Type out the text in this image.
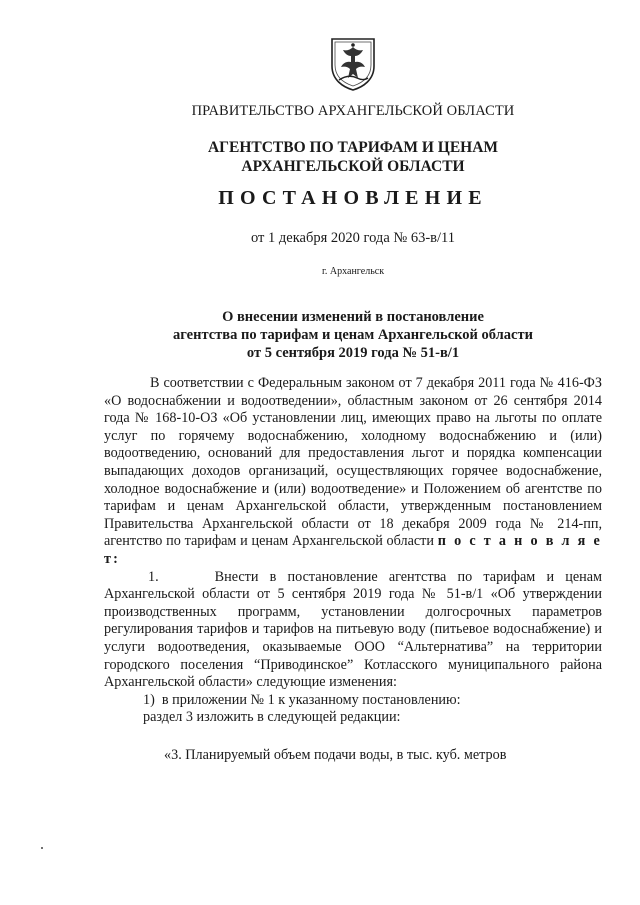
ПРАВИТЕЛЬСТВО АРХАНГЕЛЬСКОЙ ОБЛАСТИ
АГЕНТСТВО ПО ТАРИФАМ И ЦЕНАМ
АРХАНГЕЛЬСКОЙ ОБЛАСТИ
ПОСТАНОВЛЕНИЕ
от 1 декабря 2020 года № 63-в/11
г. Архангельск
О внесении изменений в постановление
агентства по тарифам и ценам Архангельской области
от 5 сентября 2019 года № 51-в/1

В соответствии с Федеральным законом от 7 декабря 2011 года № 416-ФЗ «О водоснабжении и водоотведении», областным законом от 26 сентября 2014 года № 168-10-ОЗ «Об установлении лиц, имеющих право на льготы по оплате услуг по горячему водоснабжению, холодному водоснабжению и (или) водоотведению, оснований для предоставления льгот и порядка компенсации выпадающих доходов организаций, осуществляющих горячее водоснабжение, холодное водоснабжение и (или) водоотведение» и Положением об агентстве по тарифам и ценам Архангельской области, утвержденным постановлением Правительства Архангельской области от 18 декабря 2009 года № 214-пп, агентство по тарифам и ценам Архангельской области п о с т а н о в л я е т:

1.     Внести в постановление агентства по тарифам и ценам Архангельской области от 5 сентября 2019 года № 51-в/1 «Об утверждении производственных программ, установлении долгосрочных параметров регулирования тарифов и тарифов на питьевую воду (питьевое водоснабжение) и услуги водоотведения, оказываемые ООО “Альтернатива” на территории городского поселения “Приводинское” Котласского муниципального района Архангельской области» следующие изменения:

1)  в приложении № 1 к указанному постановлению:

раздел 3 изложить в следующей редакции:

«3. Планируемый объем подачи воды, в тыс. куб. метров
